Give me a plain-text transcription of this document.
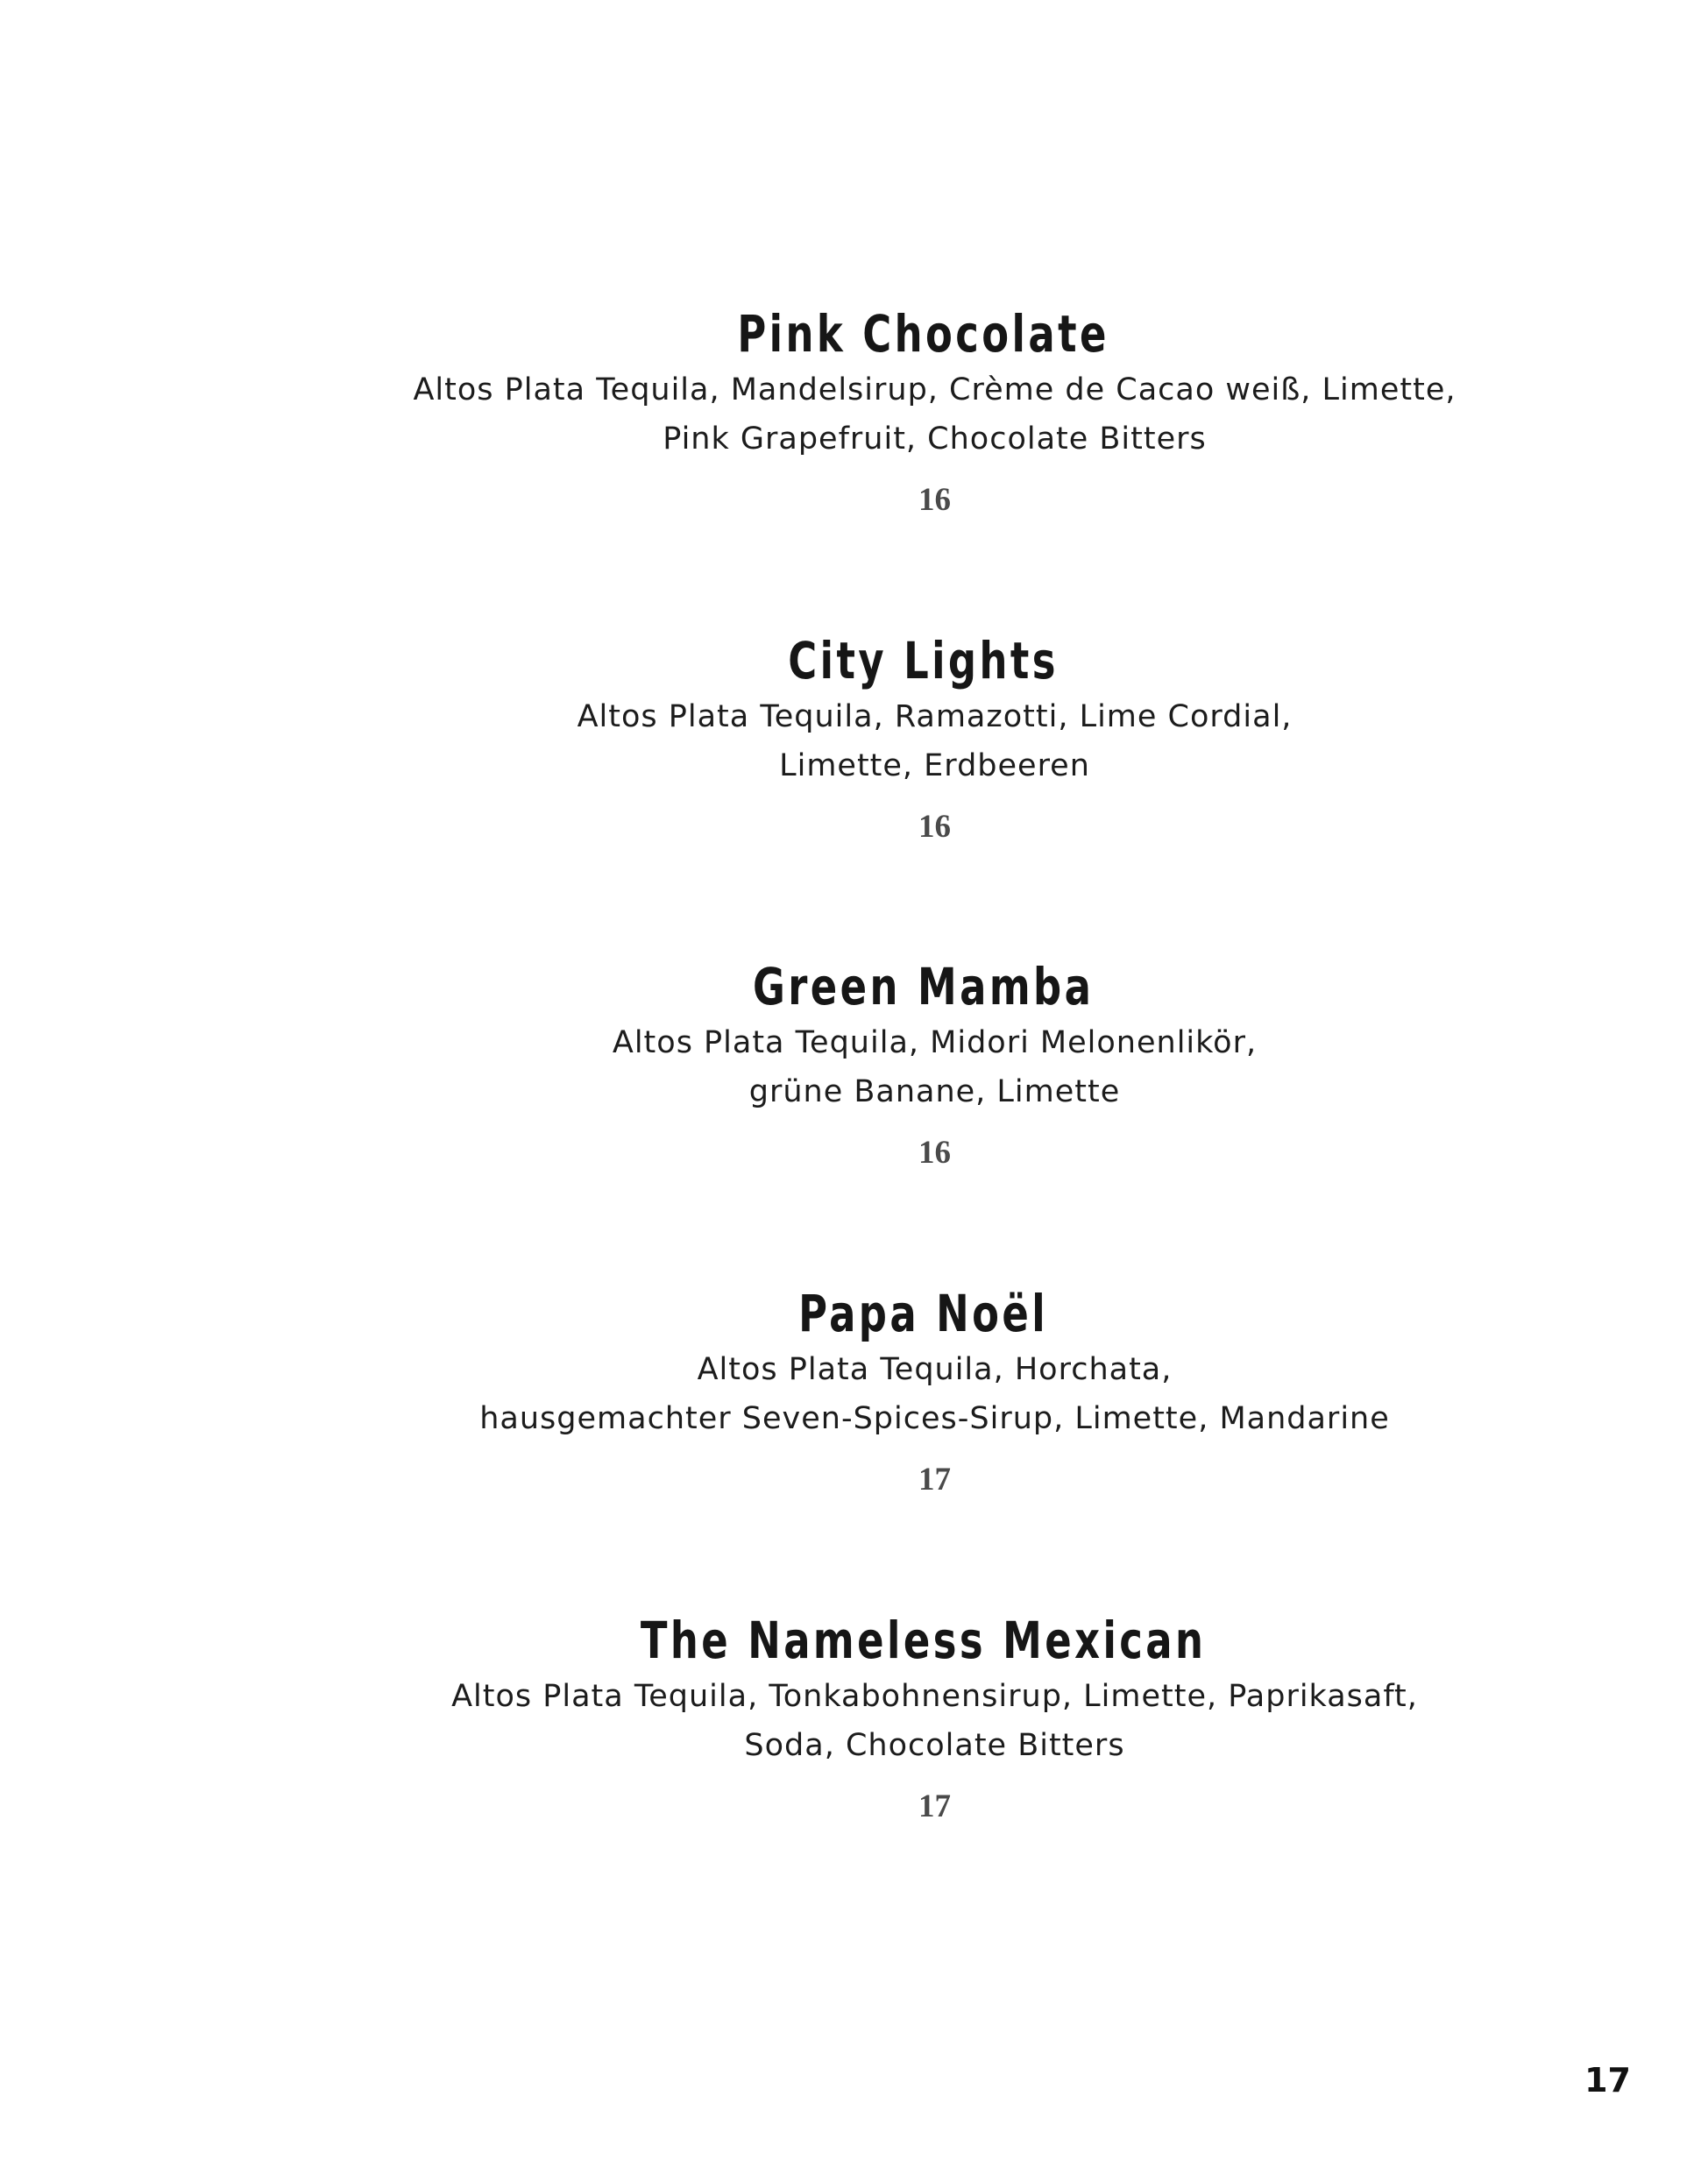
Pink Chocolate
Altos Plata Tequila, Mandelsirup, Crème de Cacao weiß, Limette,
Pink Grapefruit, Chocolate Bitters
16
City Lights
Altos Plata Tequila, Ramazotti, Lime Cordial,
Limette, Erdbeeren
16
Green Mamba
Altos Plata Tequila, Midori Melonenlikör,
grüne Banane, Limette
16
Papa Noël
Altos Plata Tequila, Horchata,
hausgemachter Seven-Spices-Sirup, Limette, Mandarine
17
The Nameless Mexican
Altos Plata Tequila, Tonkabohnensirup, Limette, Paprikasaft,
Soda, Chocolate Bitters
17
17
